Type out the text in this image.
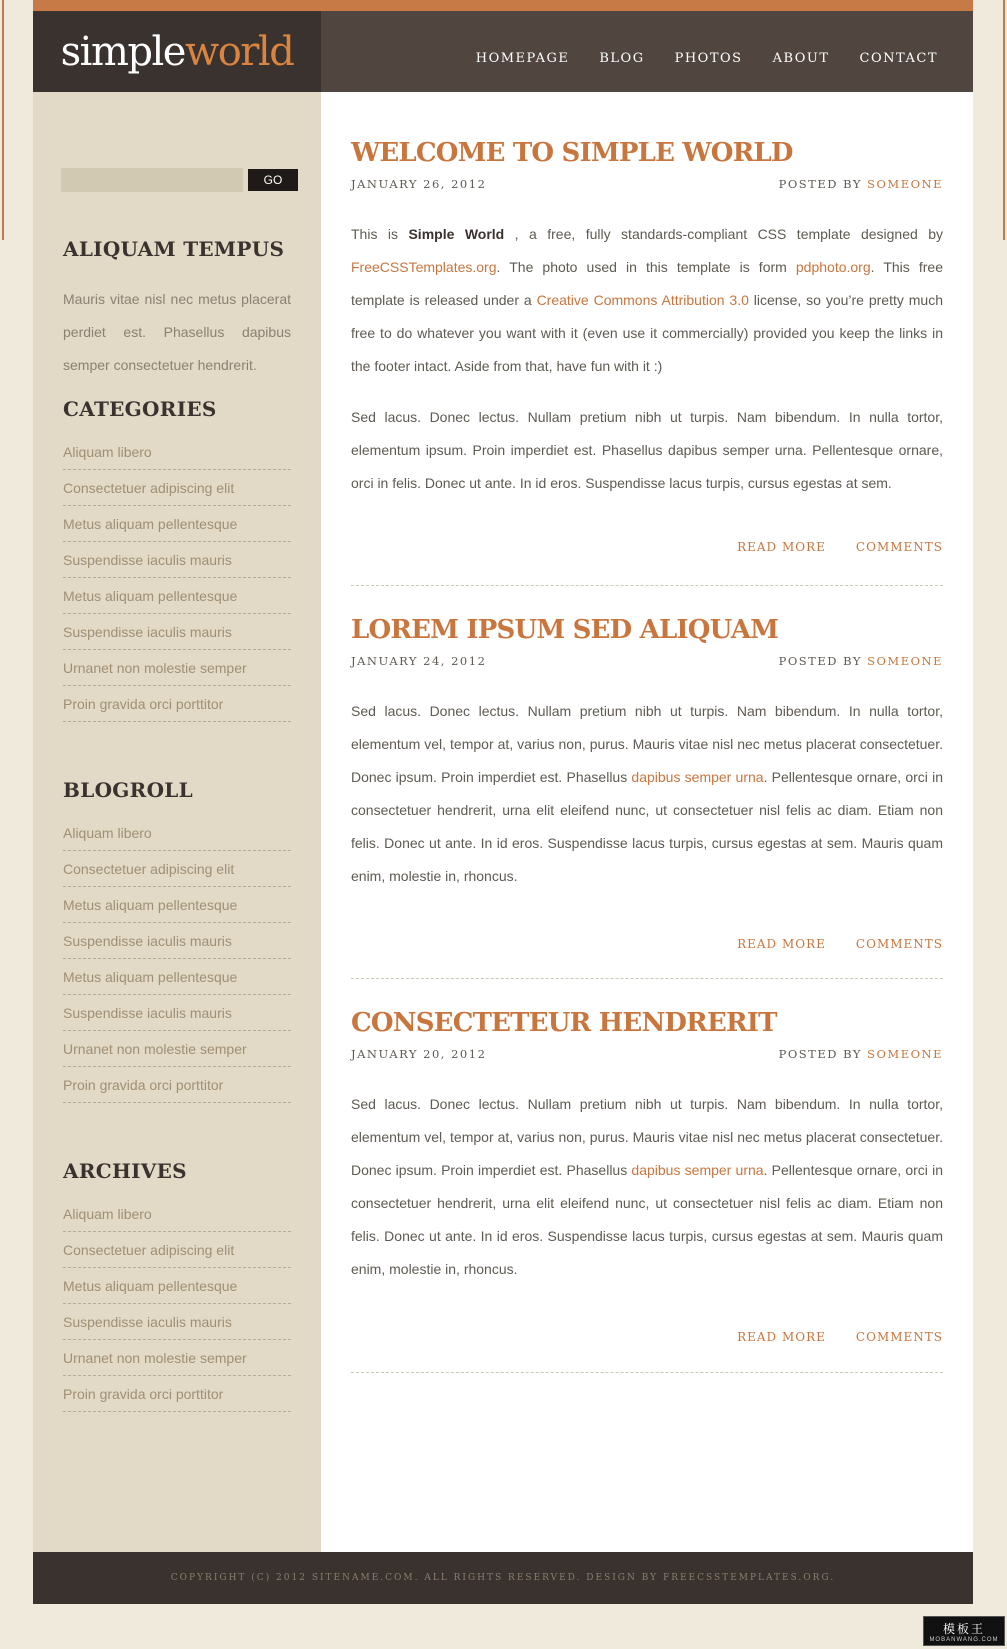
simpleworld	HOMEPAGE BLOG PHOTOS ABOUT CONTACT
GO
ALIQUAM TEMPUS

Mauris vitae nisl nec metus placerat perdiet est. Phasellus dapibus semper consectetuer hendrerit.

CATEGORIES
Aliquam libero
Consectetuer adipiscing elit
Metus aliquam pellentesque
Suspendisse iaculis mauris
Metus aliquam pellentesque
Suspendisse iaculis mauris
Urnanet non molestie semper
Proin gravida orci porttitor
BLOGROLL
Aliquam libero
Consectetuer adipiscing elit
Metus aliquam pellentesque
Suspendisse iaculis mauris
Metus aliquam pellentesque
Suspendisse iaculis mauris
Urnanet non molestie semper
Proin gravida orci porttitor
ARCHIVES
Aliquam libero
Consectetuer adipiscing elit
Metus aliquam pellentesque
Suspendisse iaculis mauris
Urnanet non molestie semper
Proin gravida orci porttitor
WELCOME TO SIMPLE WORLD
JANUARY 26, 2012	POSTED BY SOMEONE

This is Simple World , a free, fully standards-compliant CSS template designed by FreeCSSTemplates.org. The photo used in this template is form pdphoto.org. This free template is released under a Creative Commons Attribution 3.0 license, so you’re pretty much free to do whatever you want with it (even use it commercially) provided you keep the links in the footer intact. Aside from that, have fun with it :)

Sed lacus. Donec lectus. Nullam pretium nibh ut turpis. Nam bibendum. In nulla tortor, elementum ipsum. Proin imperdiet est. Phasellus dapibus semper urna. Pellentesque ornare, orci in felis. Donec ut ante. In id eros. Suspendisse lacus turpis, cursus egestas at sem.

READ MORE	COMMENTS
LOREM IPSUM SED ALIQUAM
JANUARY 24, 2012	POSTED BY SOMEONE

Sed lacus. Donec lectus. Nullam pretium nibh ut turpis. Nam bibendum. In nulla tortor, elementum vel, tempor at, varius non, purus. Mauris vitae nisl nec metus placerat consectetuer. Donec ipsum. Proin imperdiet est. Phasellus dapibus semper urna. Pellentesque ornare, orci in consectetuer hendrerit, urna elit eleifend nunc, ut consectetuer nisl felis ac diam. Etiam non felis. Donec ut ante. In id eros. Suspendisse lacus turpis, cursus egestas at sem. Mauris quam enim, molestie in, rhoncus.

READ MORE	COMMENTS
CONSECTETEUR HENDRERIT
JANUARY 20, 2012	POSTED BY SOMEONE

Sed lacus. Donec lectus. Nullam pretium nibh ut turpis. Nam bibendum. In nulla tortor, elementum vel, tempor at, varius non, purus. Mauris vitae nisl nec metus placerat consectetuer. Donec ipsum. Proin imperdiet est. Phasellus dapibus semper urna. Pellentesque ornare, orci in consectetuer hendrerit, urna elit eleifend nunc, ut consectetuer nisl felis ac diam. Etiam non felis. Donec ut ante. In id eros. Suspendisse lacus turpis, cursus egestas at sem. Mauris quam enim, molestie in, rhoncus.

READ MORE	COMMENTS
COPYRIGHT (C) 2012 SITENAME.COM. ALL RIGHTS RESERVED. DESIGN BY FREECSSTEMPLATES.ORG.
模板王
MOBANWANG.COM
